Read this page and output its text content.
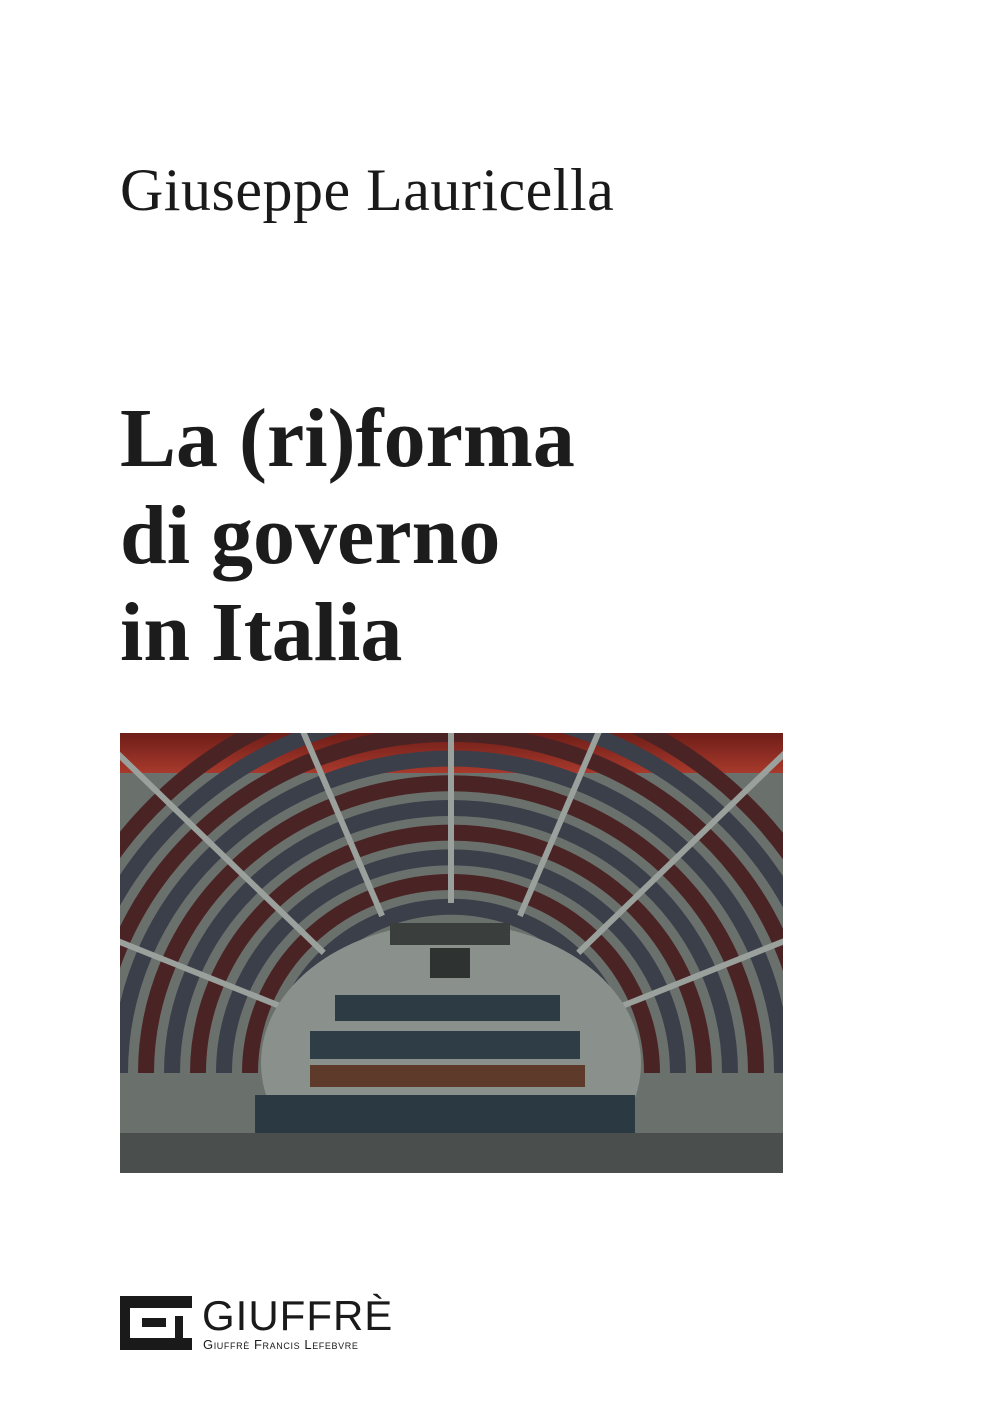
Giuseppe Lauricella
La (ri)forma
di governo
in Italia
GIUFFRÈ
Giuffrè Francis Lefebvre
